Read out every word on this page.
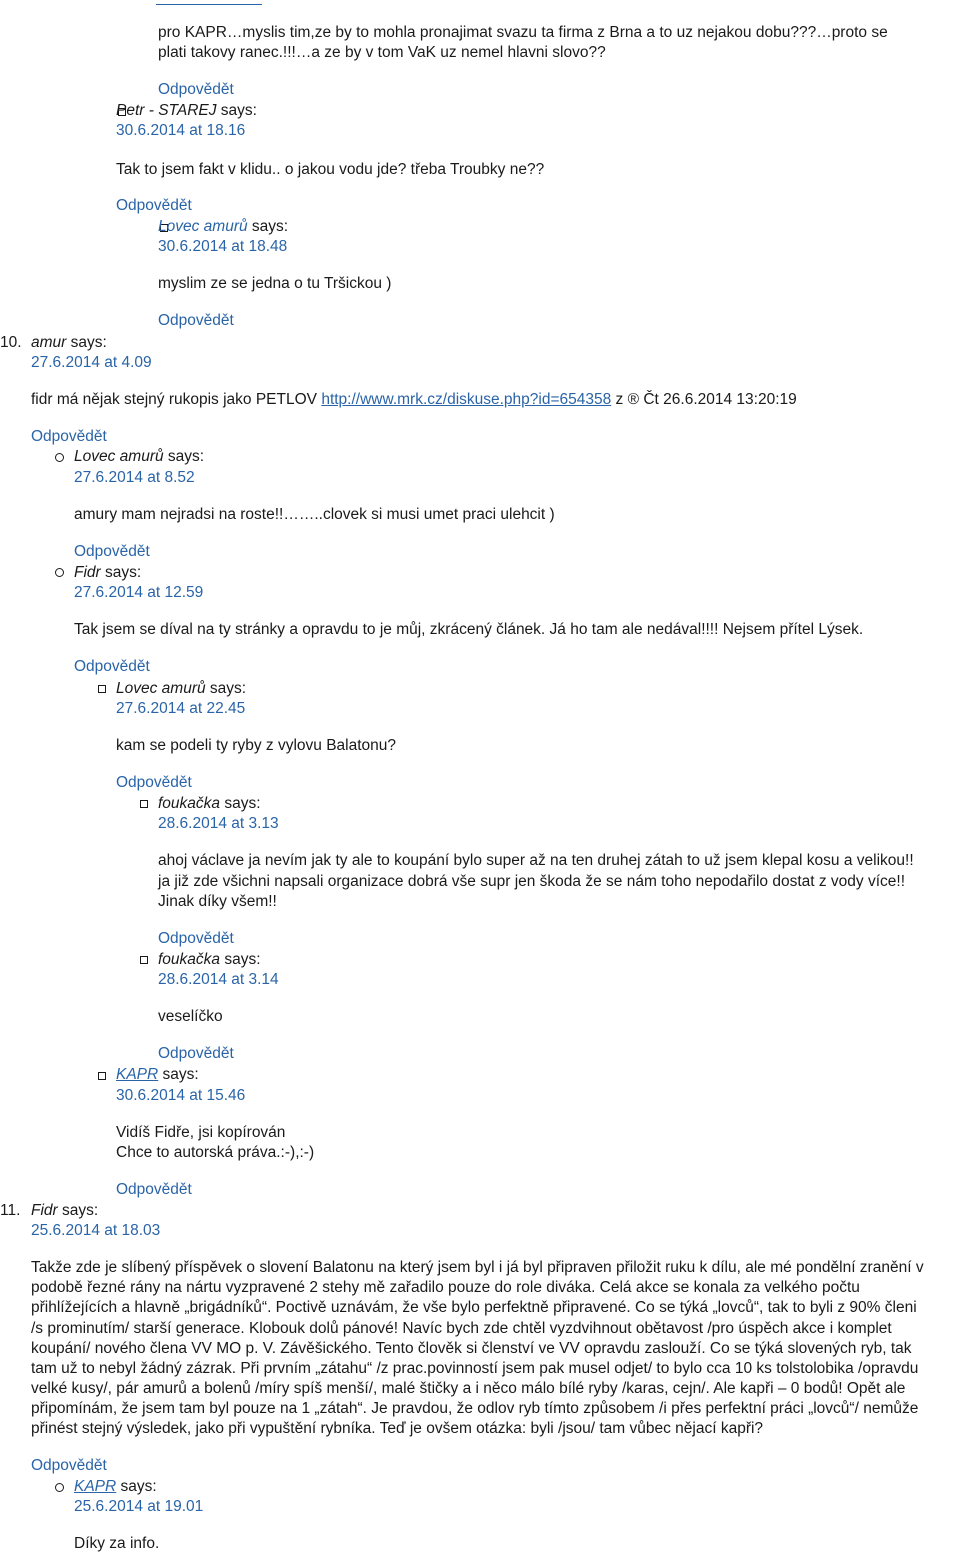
pro KAPR…myslis tim,ze by to mohla pronajimat svazu ta firma z Brna a to uz nejakou dobu???…proto se
plati takovy ranec.!!!…a ze by v tom VaK uz nemel hlavni slovo??
Odpovědět
Petr - STAREJ says:
30.6.2014 at 18.16
Tak to jsem fakt v klidu.. o jakou vodu jde? třeba Troubky ne??
Odpovědět
Lovec amurů says:
30.6.2014 at 18.48
myslim ze se jedna o tu Tršickou )
Odpovědět
10. amur says:
27.6.2014 at 4.09
fidr má nějak stejný rukopis jako PETLOV http://www.mrk.cz/diskuse.php?id=654358 z ® Čt 26.6.2014 13:20:19
Odpovědět
Lovec amurů says:
27.6.2014 at 8.52
amury mam nejradsi na roste!!……..clovek si musi umet praci ulehcit )
Odpovědět
Fidr says:
27.6.2014 at 12.59
Tak jsem se díval na ty stránky a opravdu to je můj, zkrácený článek. Já ho tam ale nedával!!!! Nejsem přítel Lýsek.
Odpovědět
Lovec amurů says:
27.6.2014 at 22.45
kam se podeli ty ryby z vylovu Balatonu?
Odpovědět
foukačka says:
28.6.2014 at 3.13
ahoj václave ja nevím jak ty ale to koupání bylo super až na ten druhej zátah to už jsem klepal kosu a velikou!!
ja již zde všichni napsali organizace dobrá vše supr jen škoda že se nám toho nepodařilo dostat z vody více!!
Jinak díky všem!!
Odpovědět
foukačka says:
28.6.2014 at 3.14
veselíčko
Odpovědět
KAPR says:
30.6.2014 at 15.46
Vidíš Fidře, jsi kopírován
Chce to autorská práva.:-),:-)
Odpovědět
11. Fidr says:
25.6.2014 at 18.03
Takže zde je slíbený příspěvek o slovení Balatonu na který jsem byl i já byl připraven přiložit ruku k dílu, ale mé pondělní zranění v
podobě řezné rány na nártu vyzpravené 2 stehy mě zařadilo pouze do role diváka. Celá akce se konala za velkého počtu
přihlížejících a hlavně „brigádníků“. Poctivě uznávám, že vše bylo perfektně připravené. Co se týká „lovců“, tak to byli z 90% členi
/s prominutím/ starší generace. Klobouk dolů pánové! Navíc bych zde chtěl vyzdvihnout obětavost /pro úspěch akce i komplet
koupání/ nového člena VV MO p. V. Závěšického. Tento člověk si členství ve VV opravdu zaslouží. Co se týká slovených ryb, tak
tam už to nebyl žádný zázrak. Při prvním „zátahu“ /z prac.povinností jsem pak musel odjet/ to bylo cca 10 ks tolstolobika /opravdu
velké kusy/, pár amurů a bolenů /míry spíš menší/, malé štičky a i něco málo bílé ryby /karas, cejn/. Ale kapři – 0 bodů! Opět ale
připomínám, že jsem tam byl pouze na 1 „zátah“. Je pravdou, že odlov ryb tímto způsobem /i přes perfektní práci „lovců“/ nemůže
přinést stejný výsledek, jako při vypuštění rybníka. Teď je ovšem otázka: byli /jsou/ tam vůbec nějací kapři?
Odpovědět
KAPR says:
25.6.2014 at 19.01
Díky za info.
